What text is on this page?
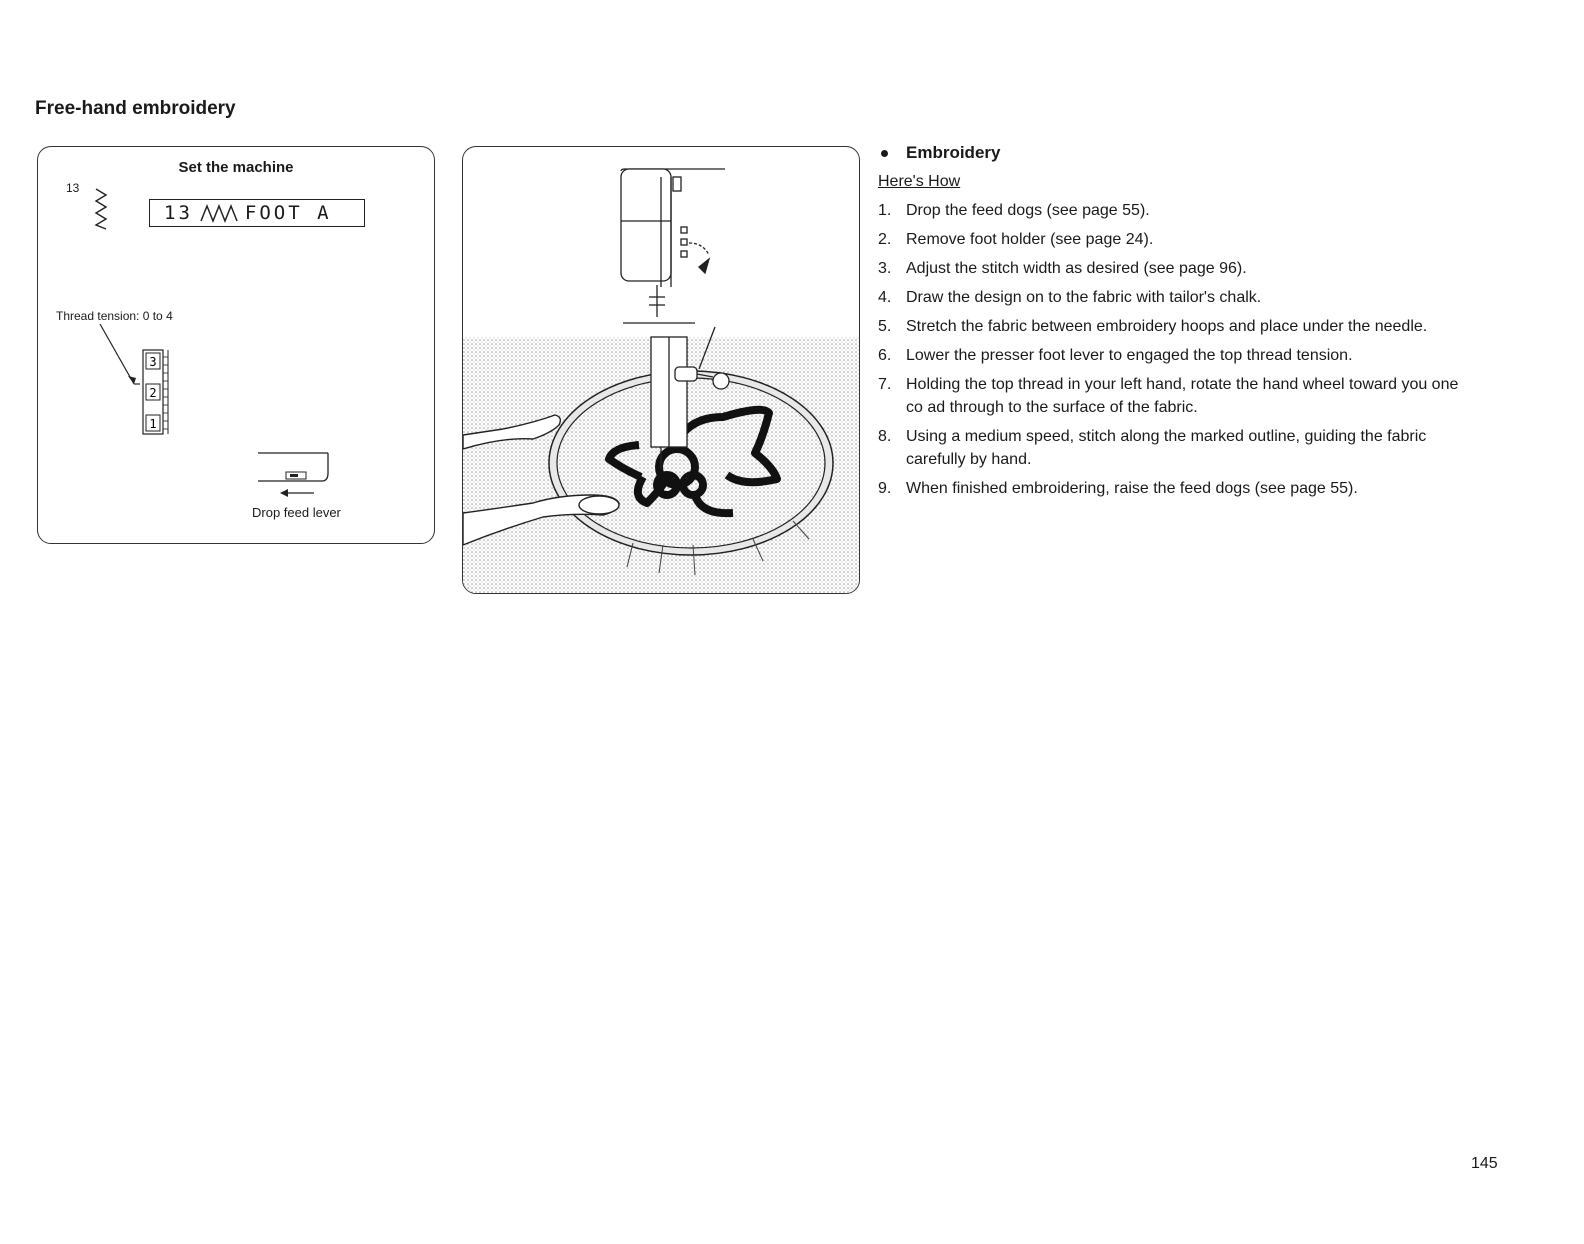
Free-hand embroidery
Set the machine
13
13	FOOT A
Thread tension: 0 to 4
3
2
1
Drop feed lever
Embroidery
Here's How
1. Drop the feed dogs (see page 55).
2. Remove foot holder (see page 24).
3. Adjust the stitch width as desired (see page 96).
4. Draw the design on to the fabric with tailor's chalk.
5. Stretch the fabric between embroidery hoops and place under the needle.
6. Lower the presser foot lever to engaged the top thread tension.
7. Holding the top thread in your left hand, rotate the hand wheel toward you one co ad through to the surface of the fabric.
8. Using a medium speed, stitch along the marked outline, guiding the fabric carefully by hand.
9. When finished embroidering, raise the feed dogs (see page 55).
145
